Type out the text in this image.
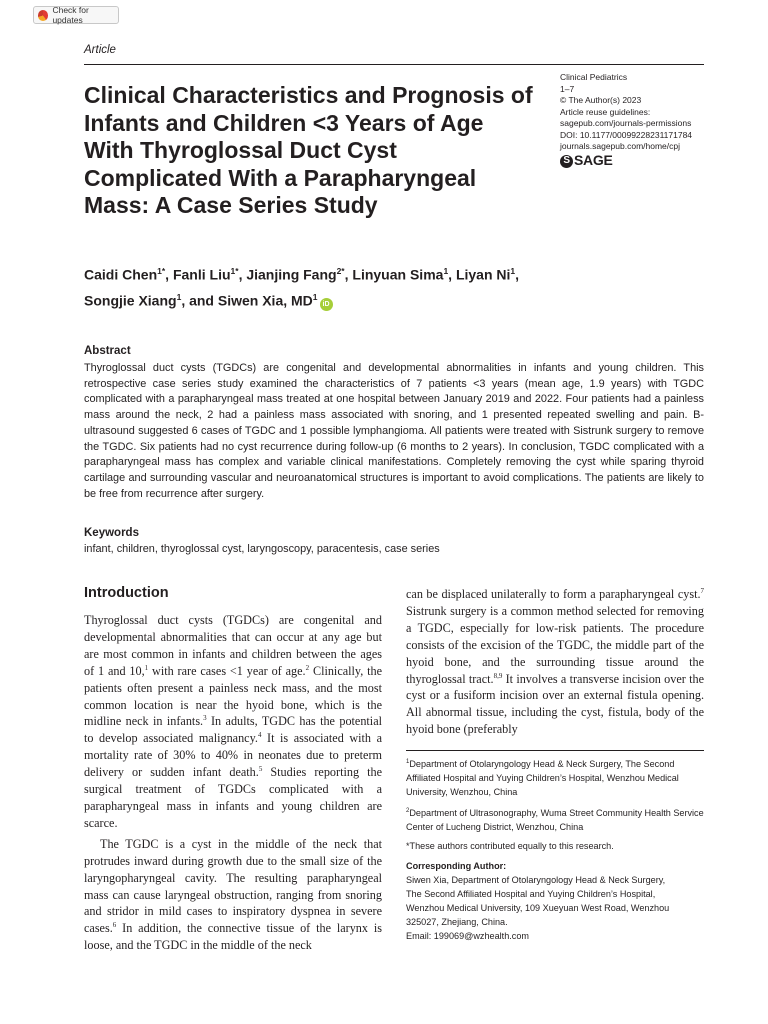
Check for updates
Article
Clinical Characteristics and Prognosis of Infants and Children <3 Years of Age With Thyroglossal Duct Cyst Complicated With a Parapharyngeal Mass: A Case Series Study
Clinical Pediatrics
1–7
© The Author(s) 2023
Article reuse guidelines:
sagepub.com/journals-permissions
DOI: 10.1177/00099228231171784
journals.sagepub.com/home/cpj
S SAGE
Caidi Chen$^{1*}$, Fanli Liu$^{1*}$, Jianjing Fang$^{2*}$, Linyuan Sima$^1$, Liyan Ni$^1$,
Songjie Xiang$^1$, and Siwen Xia, $MD^1iD$
Abstract

Thyroglossal duct cysts (TGDCs) are congenital and developmental abnormalities in infants and young children. This retrospective case series study examined the characteristics of 7 patients <3 years (mean age, 1.9 years) with TGDC complicated with a parapharyngeal mass treated at one hospital between January 2019 and 2022. Four patients had a painless mass around the neck, 2 had a painless mass associated with snoring, and 1 presented repeated swelling and pain. B-ultrasound suggested 6 cases of TGDC and 1 possible lymphangioma. All patients were treated with Sistrunk surgery to remove the TGDC. Six patients had no cyst recurrence during follow-up (6 months to 2 years). In conclusion, TGDC complicated with a parapharyngeal mass has complex and variable clinical manifestations. Completely removing the cyst while sparing thyroid cartilage and surrounding vascular and neuroanatomical structures is important to avoid complications. The patients are likely to be free from recurrence after surgery.

Keywords
infant, children, thyroglossal cyst, laryngoscopy, paracentesis, case series
Introduction

Thyroglossal duct cysts (TGDCs) are congenital and developmental abnormalities that can occur at any age but are most common in infants and children between the ages of 1 and 10,$^1$ with rare cases <1 year of age.$^2$ Clinically, the patients often present a painless neck mass, and the most common location is near the hyoid bone, which is the midline neck in infants.$^3$ In adults, TGDC has the potential to develop associated malignancy.$^4$ It is associated with a mortality rate of 30% to 40% in neonates due to preterm delivery or sudden infant death.$^5$ Studies reporting the surgical treatment of TGDCs complicated with a parapharyngeal mass in infants and young children are scarce.

The TGDC is a cyst in the middle of the neck that protrudes inward during growth due to the small size of the laryngopharyngeal cavity. The resulting parapharyngeal mass can cause laryngeal obstruction, ranging from snoring and stridor in mild cases to inspiratory dyspnea in severe cases.$^6$ In addition, the connective tissue of the larynx is loose, and the TGDC in the middle of the neck

can be displaced unilaterally to form a parapharyngeal cyst.$^7$ Sistrunk surgery is a common method selected for removing a TGDC, especially for low-risk patients. The procedure consists of the excision of the TGDC, the middle part of the hyoid bone, and the surrounding tissue around the thyroglossal tract.$^{8,9}$ It involves a transverse incision over the cyst or a fusiform incision over an external fistula opening. All abnormal tissue, including the cyst, fistula, body of the hyoid bone (preferably

$^1$Department of Otolaryngology Head & Neck Surgery, The Second Affiliated Hospital and Yuying Children’s Hospital, Wenzhou Medical University, Wenzhou, China
$^2$Department of Ultrasonography, Wuma Street Community Health Service Center of Lucheng District, Wenzhou, China
*These authors contributed equally to this research.
Corresponding Author:
Siwen Xia, Department of Otolaryngology Head & Neck Surgery,
The Second Affiliated Hospital and Yuying Children’s Hospital,
Wenzhou Medical University, 109 Xueyuan West Road, Wenzhou
325027, Zhejiang, China.
Email: 199069@wzhealth.com
